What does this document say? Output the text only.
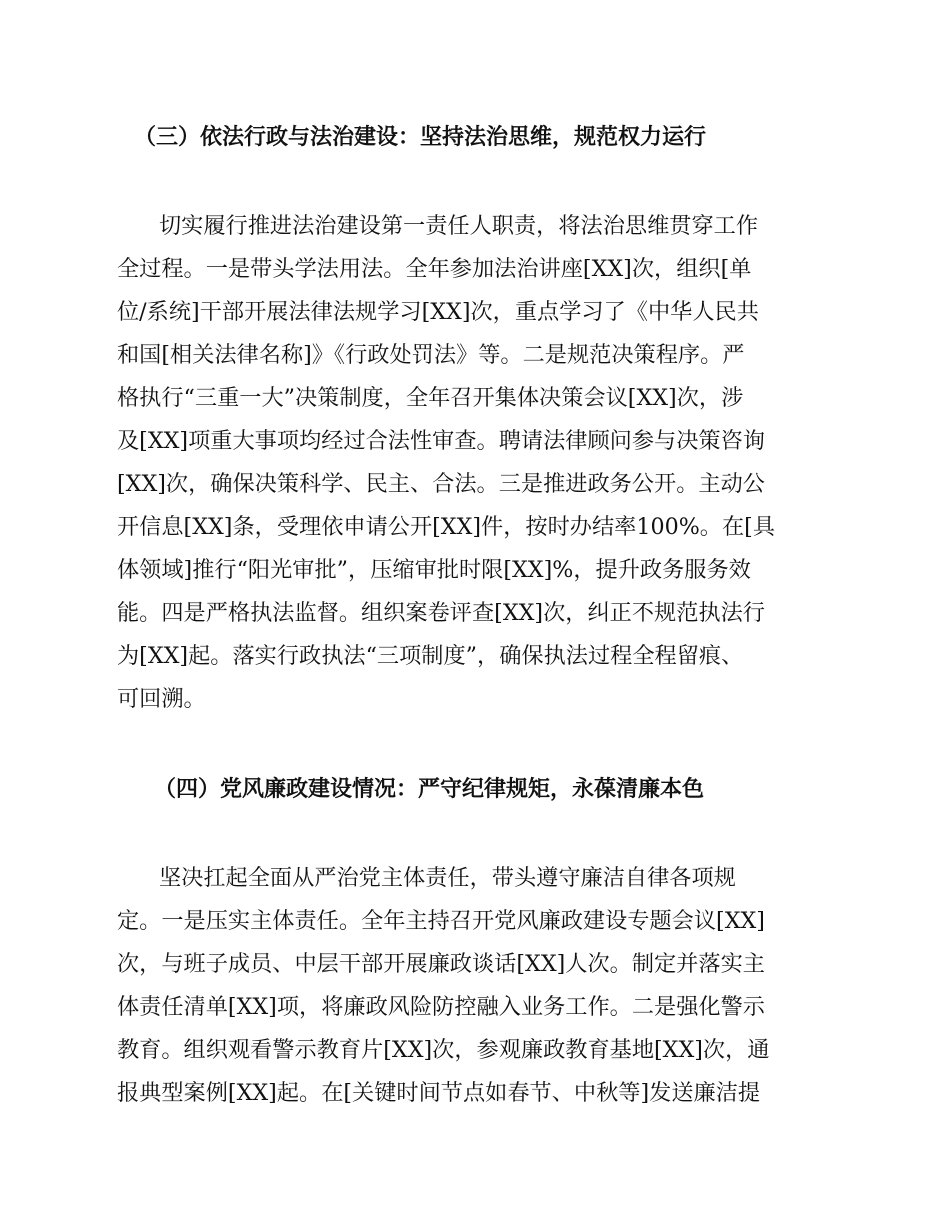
（三）依法行政与法治建设：坚持法治思维，规范权力运行

切实履行推进法治建设第一责任人职责，将法治思维贯穿工作

全过程。一是带头学法用法。全年参加法治讲座[XX]次，组织[单

位/系统]干部开展法律法规学习[XX]次，重点学习了《中华人民共

和国[相关法律名称]》《行政处罚法》等。二是规范决策程序。严

格执行“三重一大”决策制度，全年召开集体决策会议[XX]次，涉

及[XX]项重大事项均经过合法性审查。聘请法律顾问参与决策咨询

[XX]次，确保决策科学、民主、合法。三是推进政务公开。主动公

开信息[XX]条，受理依申请公开[XX]件，按时办结率100%。在[具

体领域]推行“阳光审批”，压缩审批时限[XX]%，提升政务服务效

能。四是严格执法监督。组织案卷评查[XX]次，纠正不规范执法行

为[XX]起。落实行政执法“三项制度”，确保执法过程全程留痕、

可回溯。

（四）党风廉政建设情况：严守纪律规矩，永葆清廉本色

坚决扛起全面从严治党主体责任，带头遵守廉洁自律各项规

定。一是压实主体责任。全年主持召开党风廉政建设专题会议[XX]

次，与班子成员、中层干部开展廉政谈话[XX]人次。制定并落实主

体责任清单[XX]项，将廉政风险防控融入业务工作。二是强化警示

教育。组织观看警示教育片[XX]次，参观廉政教育基地[XX]次，通

报典型案例[XX]起。在[关键时间节点如春节、中秋等]发送廉洁提
